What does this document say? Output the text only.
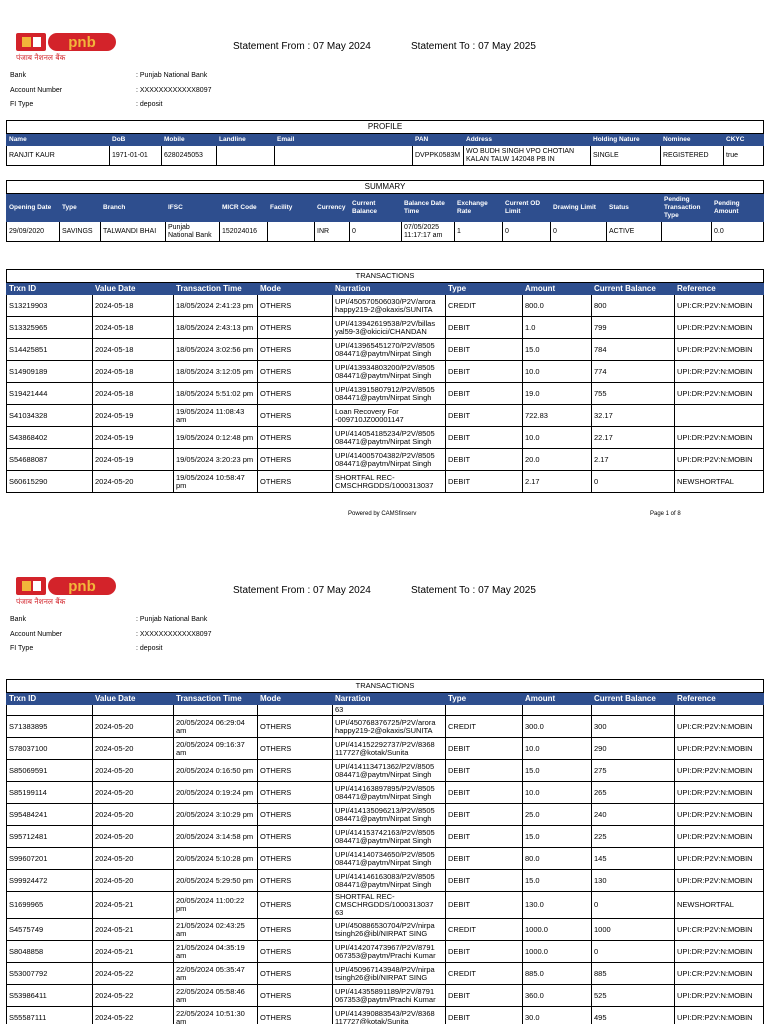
pnb
पंजाब नैशनल बैंक
Statement From : 07 May 2024	Statement To : 07 May 2025
Bank	: Punjab National Bank
Account Number	: XXXXXXXXXXXX8097
FI Type	: deposit
PROFILE									
Name	DoB	Mobile	Landline	Email	PAN	Address	Holding Nature	Nominee	CKYC
RANJIT KAUR	1971-01-01	6280245053			DVPPK0583M	WO BUDH SINGH VPO CHOTIAN KALAN TALW 142048 PB IN	SINGLE	REGISTERED	true
SUMMARY														
Opening Date	Type	Branch	IFSC	MICR Code	Facility	Currency	Current Balance	Balance Date Time	Exchange Rate	Current OD Limit	Drawing Limit	Status	Pending Transaction Type	Pending Amount
29/09/2020	SAVINGS	TALWANDI BHAI	Punjab National Bank	152024016		INR	0	07/05/2025 11:17:17 am	1	0	0	ACTIVE		0.0
TRANSACTIONS								
Trxn ID	Value Date	Transaction Time	Mode	Narration	Type	Amount	Current Balance	Reference
S13219903	2024-05-18	18/05/2024 2:41:23 pm	OTHERS	UPI/450570506030/P2V/arora happy219-2@okaxis/SUNITA	CREDIT	800.0	800	UPI:CR:P2V:N:MOBIN
S13325965	2024-05-18	18/05/2024 2:43:13 pm	OTHERS	UPI/413942619538/P2V/billas yal59-3@okicici/CHANDAN	DEBIT	1.0	799	UPI:DR:P2V:N:MOBIN
S14425851	2024-05-18	18/05/2024 3:02:56 pm	OTHERS	UPI/413965451270/P2V/8505 084471@paytm/Nirpat Singh	DEBIT	15.0	784	UPI:DR:P2V:N:MOBIN
S14909189	2024-05-18	18/05/2024 3:12:05 pm	OTHERS	UPI/413934803200/P2V/8505 084471@paytm/Nirpat Singh	DEBIT	10.0	774	UPI:DR:P2V:N:MOBIN
S19421444	2024-05-18	18/05/2024 5:51:02 pm	OTHERS	UPI/413915807912/P2V/8505 084471@paytm/Nirpat Singh	DEBIT	19.0	755	UPI:DR:P2V:N:MOBIN
S41034328	2024-05-19	19/05/2024 11:08:43 am	OTHERS	Loan Recovery For -009710JZ00001147	DEBIT	722.83	32.17	
S43868402	2024-05-19	19/05/2024 0:12:48 pm	OTHERS	UPI/414054185234/P2V/8505 084471@paytm/Nirpat Singh	DEBIT	10.0	22.17	UPI:DR:P2V:N:MOBIN
S54688087	2024-05-19	19/05/2024 3:20:23 pm	OTHERS	UPI/414005704382/P2V/8505 084471@paytm/Nirpat Singh	DEBIT	20.0	2.17	UPI:DR:P2V:N:MOBIN
S60615290	2024-05-20	19/05/2024 10:58:47 pm	OTHERS	SHORTFAL REC-CMSCHRGDDS/1000313037	DEBIT	2.17	0	NEWSHORTFAL
Powered by CAMSfinserv	Page 1 of 8
pnb
पंजाब नैशनल बैंक
Statement From : 07 May 2024	Statement To : 07 May 2025
Bank	: Punjab National Bank
Account Number	: XXXXXXXXXXXX8097
FI Type	: deposit
TRANSACTIONS								
Trxn ID	Value Date	Transaction Time	Mode	Narration	Type	Amount	Current Balance	Reference
				63				
S71383895	2024-05-20	20/05/2024 06:29:04 am	OTHERS	UPI/450768376725/P2V/arora happy219-2@okaxis/SUNITA	CREDIT	300.0	300	UPI:CR:P2V:N:MOBIN
S78037100	2024-05-20	20/05/2024 09:16:37 am	OTHERS	UPI/414152292737/P2V/8368 117727@kotak/Sunita	DEBIT	10.0	290	UPI:DR:P2V:N:MOBIN
S85069591	2024-05-20	20/05/2024 0:16:50 pm	OTHERS	UPI/414113471362/P2V/8505 084471@paytm/Nirpat Singh	DEBIT	15.0	275	UPI:DR:P2V:N:MOBIN
S85199114	2024-05-20	20/05/2024 0:19:24 pm	OTHERS	UPI/414163897895/P2V/8505 084471@paytm/Nirpat Singh	DEBIT	10.0	265	UPI:DR:P2V:N:MOBIN
S95484241	2024-05-20	20/05/2024 3:10:29 pm	OTHERS	UPI/414135096213/P2V/8505 084471@paytm/Nirpat Singh	DEBIT	25.0	240	UPI:DR:P2V:N:MOBIN
S95712481	2024-05-20	20/05/2024 3:14:58 pm	OTHERS	UPI/414153742163/P2V/8505 084471@paytm/Nirpat Singh	DEBIT	15.0	225	UPI:DR:P2V:N:MOBIN
S99607201	2024-05-20	20/05/2024 5:10:28 pm	OTHERS	UPI/414140734650/P2V/8505 084471@paytm/Nirpat Singh	DEBIT	80.0	145	UPI:DR:P2V:N:MOBIN
S99924472	2024-05-20	20/05/2024 5:29:50 pm	OTHERS	UPI/414146163083/P2V/8505 084471@paytm/Nirpat Singh	DEBIT	15.0	130	UPI:DR:P2V:N:MOBIN
S1699965	2024-05-21	20/05/2024 11:00:22 pm	OTHERS	SHORTFAL REC-CMSCHRGDDS/1000313037 63	DEBIT	130.0	0	NEWSHORTFAL
S4575749	2024-05-21	21/05/2024 02:43:25 am	OTHERS	UPI/450886530704/P2V/nirpa tsingh26@ibl/NIRPAT SING	CREDIT	1000.0	1000	UPI:CR:P2V:N:MOBIN
S8048858	2024-05-21	21/05/2024 04:35:19 am	OTHERS	UPI/414207473967/P2V/8791 067353@paytm/Prachi Kumar	DEBIT	1000.0	0	UPI:DR:P2V:N:MOBIN
S53007792	2024-05-22	22/05/2024 05:35:47 am	OTHERS	UPI/450967143948/P2V/nirpa tsingh26@ibl/NIRPAT SING	CREDIT	885.0	885	UPI:CR:P2V:N:MOBIN
S53986411	2024-05-22	22/05/2024 05:58:46 am	OTHERS	UPI/414355891189/P2V/8791 067353@paytm/Prachi Kumar	DEBIT	360.0	525	UPI:DR:P2V:N:MOBIN
S55587111	2024-05-22	22/05/2024 10:51:30 am	OTHERS	UPI/414390883543/P2V/8368 117727@kotak/Sunita	DEBIT	30.0	495	UPI:DR:P2V:N:MOBIN
